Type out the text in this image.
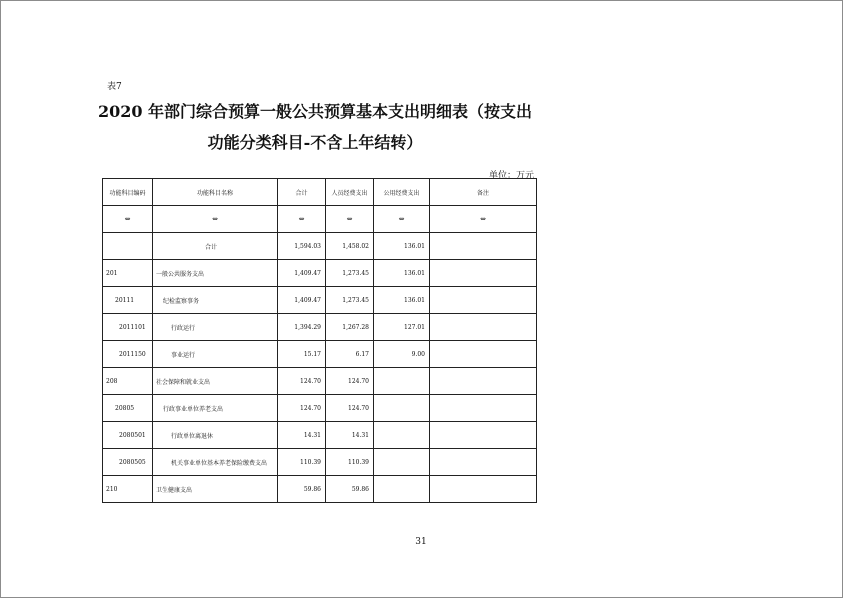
表7
2020 年部门综合预算一般公共预算基本支出明细表（按支出
功能分类科目-不含上年结转）
单位：万元
功能科目编码	功能科目名称	合计	人员经费支出	公用经费支出	备注
⇔	⇔	⇔	⇔	⇔	⇔
	合计	1,594.03	1,458.02	136.01	
201	一般公共服务支出	1,409.47	1,273.45	136.01	
20111	纪检监察事务	1,409.47	1,273.45	136.01	
2011101	行政运行	1,394.29	1,267.28	127.01	
2011150	事业运行	15.17	6.17	9.00	
208	社会保障和就业支出	124.70	124.70		
20805	行政事业单位养老支出	124.70	124.70		
2080501	行政单位离退休	14.31	14.31		
2080505	机关事业单位基本养老保险缴费支出	110.39	110.39		
210	卫生健康支出	59.86	59.86		
31
